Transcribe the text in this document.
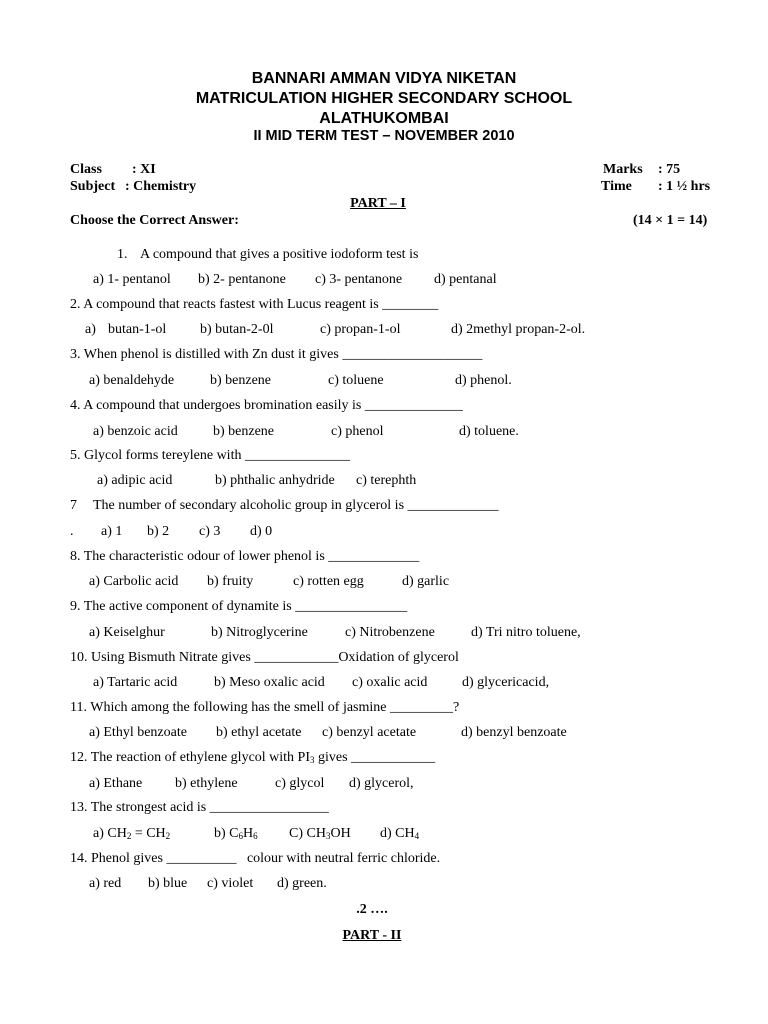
BANNARI AMMAN VIDYA NIKETAN
MATRICULATION HIGHER SECONDARY SCHOOL
ALATHUKOMBAI
II MID TERM TEST – NOVEMBER 2010
Class : XI
Subject : Chemistry
Marks : 75
Time : 1 ½ hrs
PART – I
Choose the Correct Answer:	(14 × 1 = 14)
1. A compound that gives a positive iodoform test is
a) 1- pentanol b) 2- pentanone c) 3- pentanone d) pentanal
2. A compound that reacts fastest with Lucus reagent is ________
a) butan-1-ol b) butan-2-0l	c) propan-1-ol	d) 2methyl propan-2-ol.
3. When phenol is distilled with Zn dust it gives ____________________
a) benaldehyde	b) benzene	c) toluene	d) phenol.
4. A compound that undergoes bromination easily is ______________
a) benzoic acid	b) benzene	c) phenol	d) toluene.
5. Glycol forms tereylene with _______________
a) adipic acid	b) phthalic anhydride c) terephth
7 The number of secondary alcoholic group in glycerol is _____________
. a) 1 b) 2 c) 3 d) 0
8. The characteristic odour of lower phenol is _____________
a) Carbolic acid b) fruity	c) rotten egg	d) garlic
9. The active component of dynamite is ________________
a) Keiselghur	b) Nitroglycerine	c) Nitrobenzene	d) Tri nitro toluene,
10. Using Bismuth Nitrate gives ____________Oxidation of glycerol
a) Tartaric acid	b) Meso oxalic acid c) oxalic acid d) glycericacid,
11. Which among the following has the smell of jasmine _________?
a) Ethyl benzoate b) ethyl acetate c) benzyl acetate	d) benzyl benzoate
12. The reaction of ethylene glycol with $PI_3$ gives ____________
a) Ethane b) ethylene	c) glycol d) glycerol,
13. The strongest acid is _________________
a) $CH_2 = CH_2$	b) $C_6H_6$ C) $CH_3OH$ d) $CH_4$
14. Phenol gives __________   colour with neutral ferric chloride.
a) red b) blue c) violet d) green.
.2 ….
PART - II
